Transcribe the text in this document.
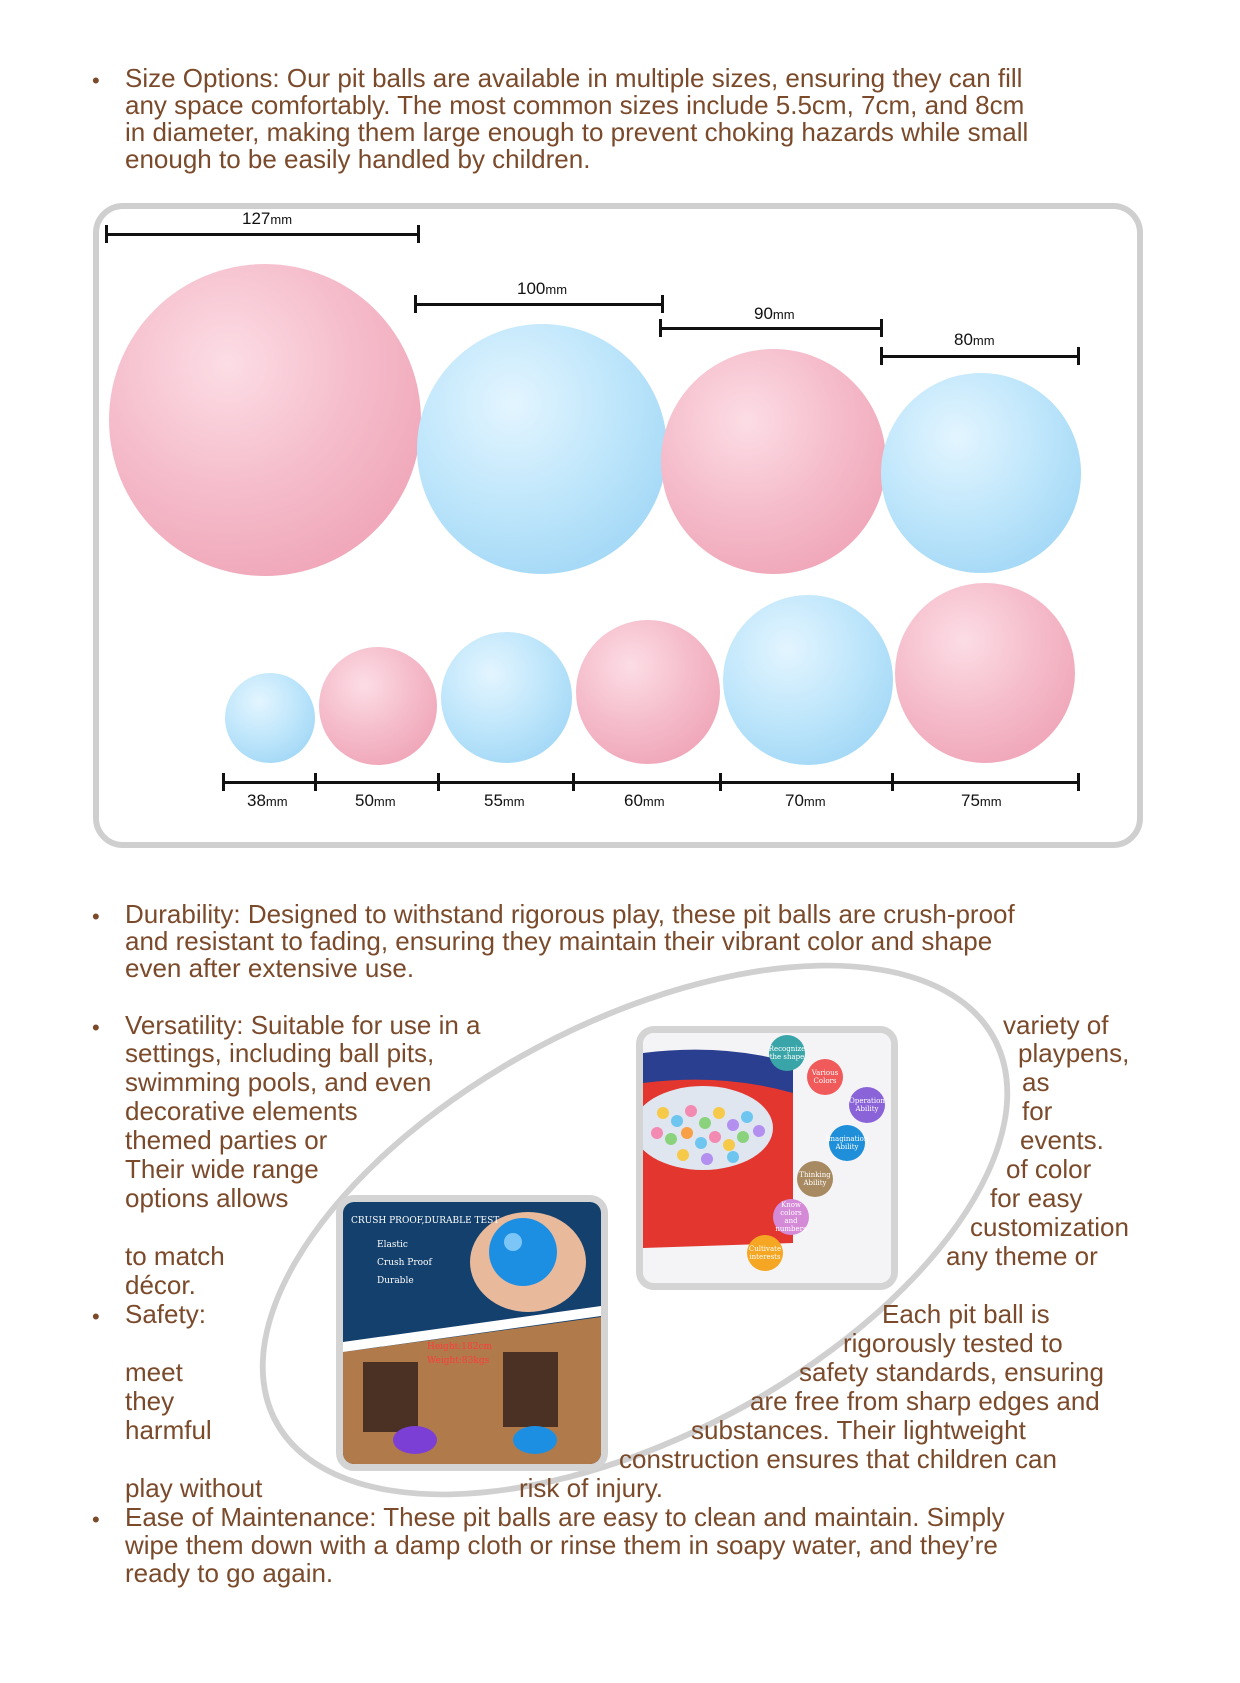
• Size Options: Our pit balls are available in multiple sizes, ensuring they can fill
any space comfortably. The most common sizes include 5.5cm, 7cm, and 8cm
in diameter, making them large enough to prevent choking hazards while small
enough to be easily handled by children.
127mm
100mm
90mm
80mm
38mm	50mm	55mm	60mm	70mm	75mm
• Durability: Designed to withstand rigorous play, these pit balls are crush-proof
and resistant to fading, ensuring they maintain their vibrant color and shape
even after extensive use.
Recognize the shape
Various Colors
Operation Ability
Imagination Ability
Thinking Ability
Know colors and numbers
Cultivate interests
CRUSH PROOF,DURABLE TEST
Elastic
Crush Proof
Durable
Height:182cm
Weight:83kgs
• Versatility: Suitable for use in a
settings, including ball pits,
swimming pools, and even
decorative elements
themed parties or
Their wide range
options allows
to match
décor.
variety of
playpens,
as
for
events.
of color
for easy
customization
any theme or
• Safety:	Each pit ball is
rigorously tested to
meet	safety standards, ensuring
they	are free from sharp edges and
harmful	substances. Their lightweight
construction ensures that children can
play without	risk of injury.
• Ease of Maintenance: These pit balls are easy to clean and maintain. Simply
wipe them down with a damp cloth or rinse them in soapy water, and they’re
ready to go again.
